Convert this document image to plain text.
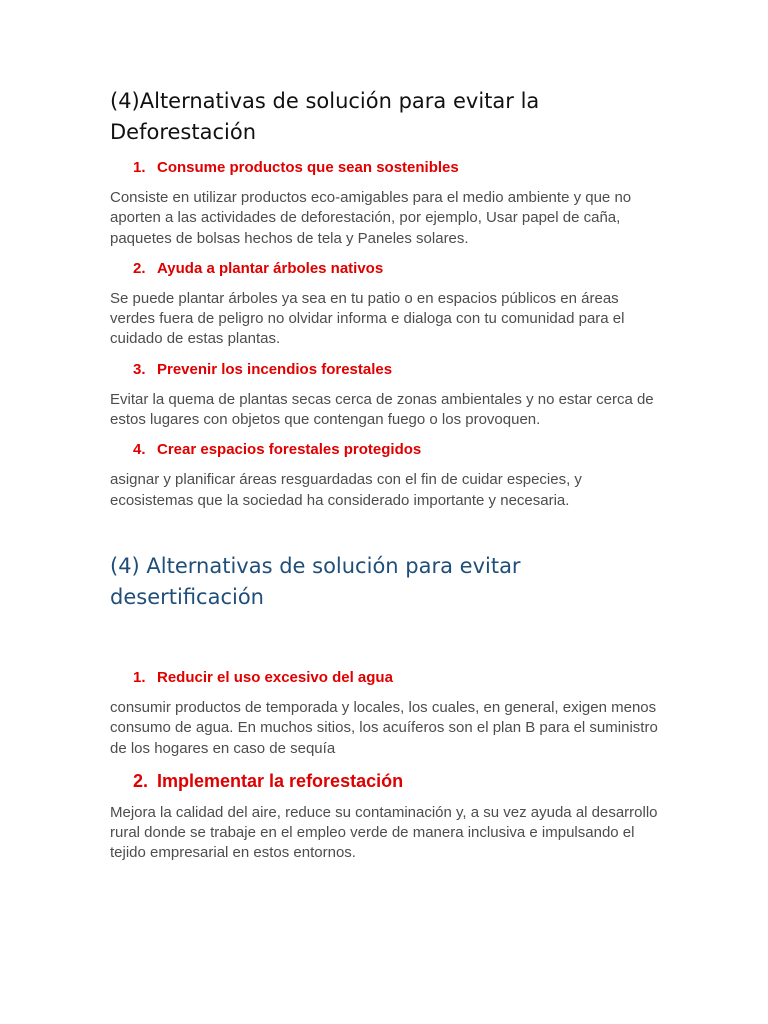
(4)Alternativas de solución para evitar la
Deforestación
1. Consume productos que sean sostenibles

Consiste en utilizar productos eco-amigables para el medio ambiente y que no aporten a las actividades de deforestación, por ejemplo, Usar papel de caña, paquetes de bolsas hechos de tela y Paneles solares.

2. Ayuda a plantar árboles nativos

Se puede plantar árboles ya sea en tu patio o en espacios públicos en áreas verdes fuera de peligro no olvidar informa e dialoga con tu comunidad para el cuidado de estas plantas.

3. Prevenir los incendios forestales

Evitar la quema de plantas secas cerca de zonas ambientales y no estar cerca de estos lugares con objetos que contengan fuego o los provoquen.

4. Crear espacios forestales protegidos

asignar y planificar áreas resguardadas con el fin de cuidar especies, y ecosistemas que la sociedad ha considerado importante y necesaria.

(4) Alternativas de solución para evitar
desertificación
1. Reducir el uso excesivo del agua

consumir productos de temporada y locales, los cuales, en general, exigen menos consumo de agua. En muchos sitios, los acuíferos son el plan B para el suministro de los hogares en caso de sequía

2. Implementar la reforestación

Mejora la calidad del aire, reduce su contaminación y, a su vez ayuda al desarrollo rural donde se trabaje en el empleo verde de manera inclusiva e impulsando el tejido empresarial en estos entornos.
